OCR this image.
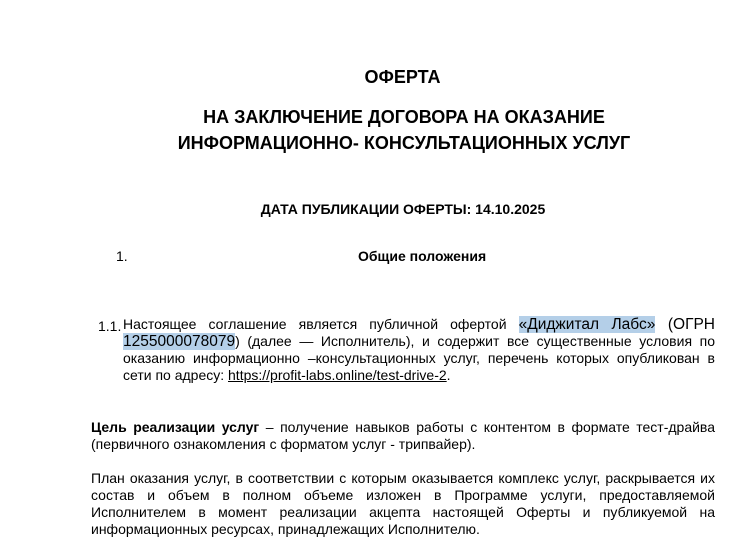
ОФЕРТА
НА ЗАКЛЮЧЕНИЕ ДОГОВОРА НА ОКАЗАНИЕ
ИНФОРМАЦИОННО- КОНСУЛЬТАЦИОННЫХ УСЛУГ
ДАТА ПУБЛИКАЦИИ ОФЕРТЫ: 14.10.2025
1.	Общие положения
1.1. Настоящее соглашение является публичной офертой «Диджитал Лабс» (ОГРН 1255000078079) (далее — Исполнитель), и содержит все существенные условия по оказанию информационно –консультационных услуг, перечень которых опубликован в сети по адресу: https://profit-labs.online/test-drive-2.
Цель реализации услуг – получение навыков работы с контентом в формате тест-драйва (первичного ознакомления с форматом услуг - трипвайер).
План оказания услуг, в соответствии с которым оказывается комплекс услуг, раскрывается их состав и объем в полном объеме изложен в Программе услуги, предоставляемой Исполнителем в момент реализации акцепта настоящей Оферты и публикуемой на информационных ресурсах, принадлежащих Исполнителю.
